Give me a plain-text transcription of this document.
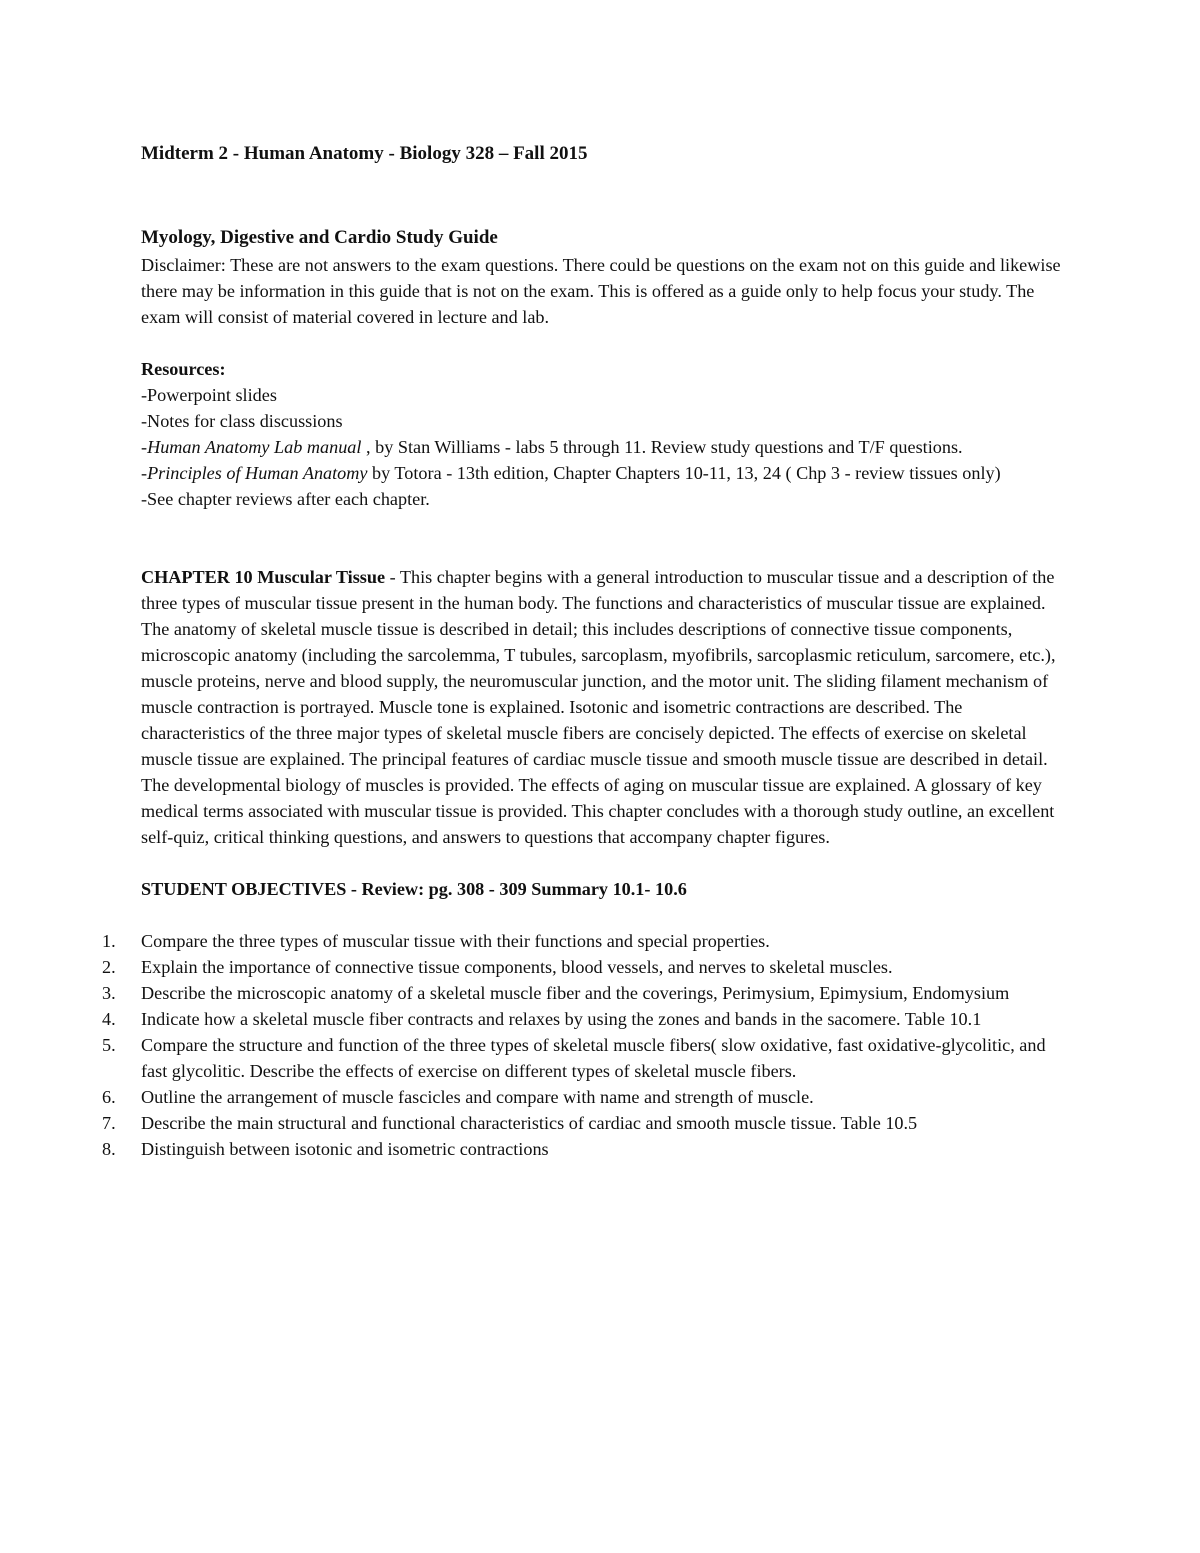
Midterm 2 - Human Anatomy - Biology 328 – Fall 2015

Myology, Digestive and Cardio Study Guide

Disclaimer: These are not answers to the exam questions. There could be questions on the exam not on this guide and likewise there may be information in this guide that is not on the exam. This is offered as a guide only to help focus your study. The exam will consist of material covered in lecture and lab.

Resources:

-Powerpoint slides

-Notes for class discussions

-Human Anatomy Lab manual , by Stan Williams - labs 5 through 11. Review study questions and T/F questions.

-Principles of Human Anatomy by Totora - 13th edition, Chapter Chapters 10-11, 13, 24 ( Chp 3 - review tissues only)

-See chapter reviews after each chapter.

CHAPTER 10 Muscular Tissue - This chapter begins with a general introduction to muscular tissue and a description of the three types of muscular tissue present in the human body. The functions and characteristics of muscular tissue are explained. The anatomy of skeletal muscle tissue is described in detail; this includes descriptions of connective tissue components, microscopic anatomy (including the sarcolemma, T tubules, sarcoplasm, myofibrils, sarcoplasmic reticulum, sarcomere, etc.), muscle proteins, nerve and blood supply, the neuromuscular junction, and the motor unit. The sliding filament mechanism of muscle contraction is portrayed. Muscle tone is explained. Isotonic and isometric contractions are described. The characteristics of the three major types of skeletal muscle fibers are concisely depicted. The effects of exercise on skeletal muscle tissue are explained. The principal features of cardiac muscle tissue and smooth muscle tissue are described in detail. The developmental biology of muscles is provided. The effects of aging on muscular tissue are explained. A glossary of key medical terms associated with muscular tissue is provided. This chapter concludes with a thorough study outline, an excellent self-quiz, critical thinking questions, and answers to questions that accompany chapter figures.

STUDENT OBJECTIVES - Review: pg. 308 - 309 Summary 10.1- 10.6

1.	Compare the three types of muscular tissue with their functions and special properties.
2.	Explain the importance of connective tissue components, blood vessels, and nerves to skeletal muscles.
3.	Describe the microscopic anatomy of a skeletal muscle fiber and the coverings, Perimysium, Epimysium, Endomysium
4.	Indicate how a skeletal muscle fiber contracts and relaxes by using the zones and bands in the sacomere. Table 10.1
5.	Compare the structure and function of the three types of skeletal muscle fibers( slow oxidative, fast oxidative-glycolitic, and fast glycolitic. Describe the effects of exercise on different types of skeletal muscle fibers.
6.	Outline the arrangement of muscle fascicles and compare with name and strength of muscle.
7.	Describe the main structural and functional characteristics of cardiac and smooth muscle tissue. Table 10.5
8.	Distinguish between isotonic and isometric contractions
